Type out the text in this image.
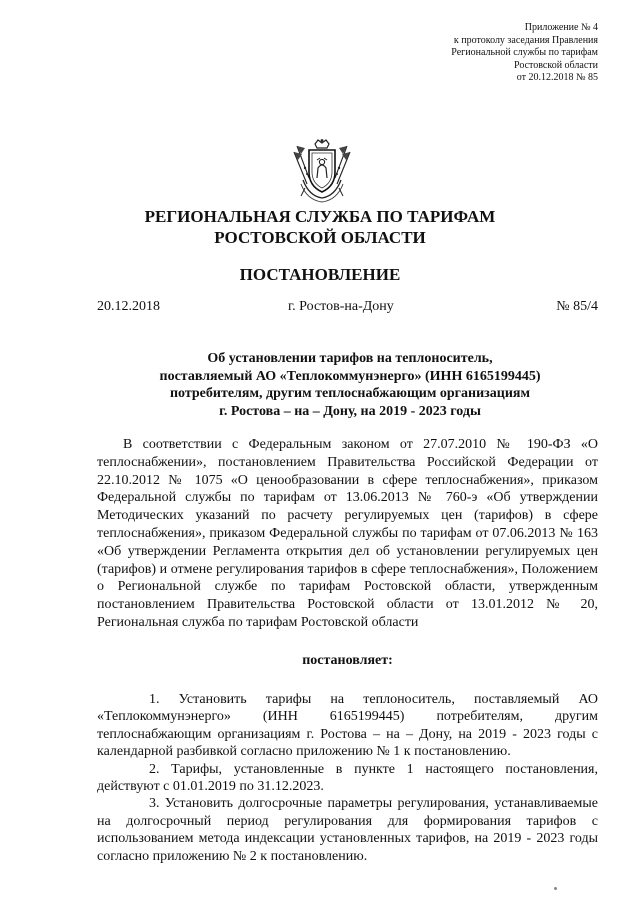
Приложение № 4
к протоколу заседания Правления
Региональной службы по тарифам
Ростовской области
от 20.12.2018 № 85
РЕГИОНАЛЬНАЯ СЛУЖБА ПО ТАРИФАМ
РОСТОВСКОЙ ОБЛАСТИ
ПОСТАНОВЛЕНИЕ
20.12.2018	г. Ростов-на-Дону	№ 85/4
Об установлении тарифов на теплоноситель,
поставляемый АО «Теплокоммунэнерго» (ИНН 6165199445)
потребителям, другим теплоснабжающим организациям
г. Ростова – на – Дону, на 2019 - 2023 годы
В соответствии с Федеральным законом от 27.07.2010 № 190-ФЗ «О теплоснабжении», постановлением Правительства Российской Федерации от 22.10.2012 № 1075 «О ценообразовании в сфере теплоснабжения», приказом Федеральной службы по тарифам от 13.06.2013 № 760-э «Об утверждении Методических указаний по расчету регулируемых цен (тарифов) в сфере теплоснабжения», приказом Федеральной службы по тарифам от 07.06.2013 № 163 «Об утверждении Регламента открытия дел об установлении регулируемых цен (тарифов) и отмене регулирования тарифов в сфере теплоснабжения», Положением о Региональной службе по тарифам Ростовской области, утвержденным постановлением Правительства Ростовской области от 13.01.2012 № 20, Региональная служба по тарифам Ростовской области
постановляет:

1. Установить тарифы на теплоноситель, поставляемый АО «Теплокоммунэнерго» (ИНН 6165199445) потребителям, другим теплоснабжающим организациям г. Ростова – на – Дону, на 2019 - 2023 годы с календарной разбивкой согласно приложению № 1 к постановлению.

2. Тарифы, установленные в пункте 1 настоящего постановления, действуют с 01.01.2019 по 31.12.2023.

3. Установить долгосрочные параметры регулирования, устанавливаемые на долгосрочный период регулирования для формирования тарифов с использованием метода индексации установленных тарифов, на 2019 - 2023 годы согласно приложению № 2 к постановлению.
